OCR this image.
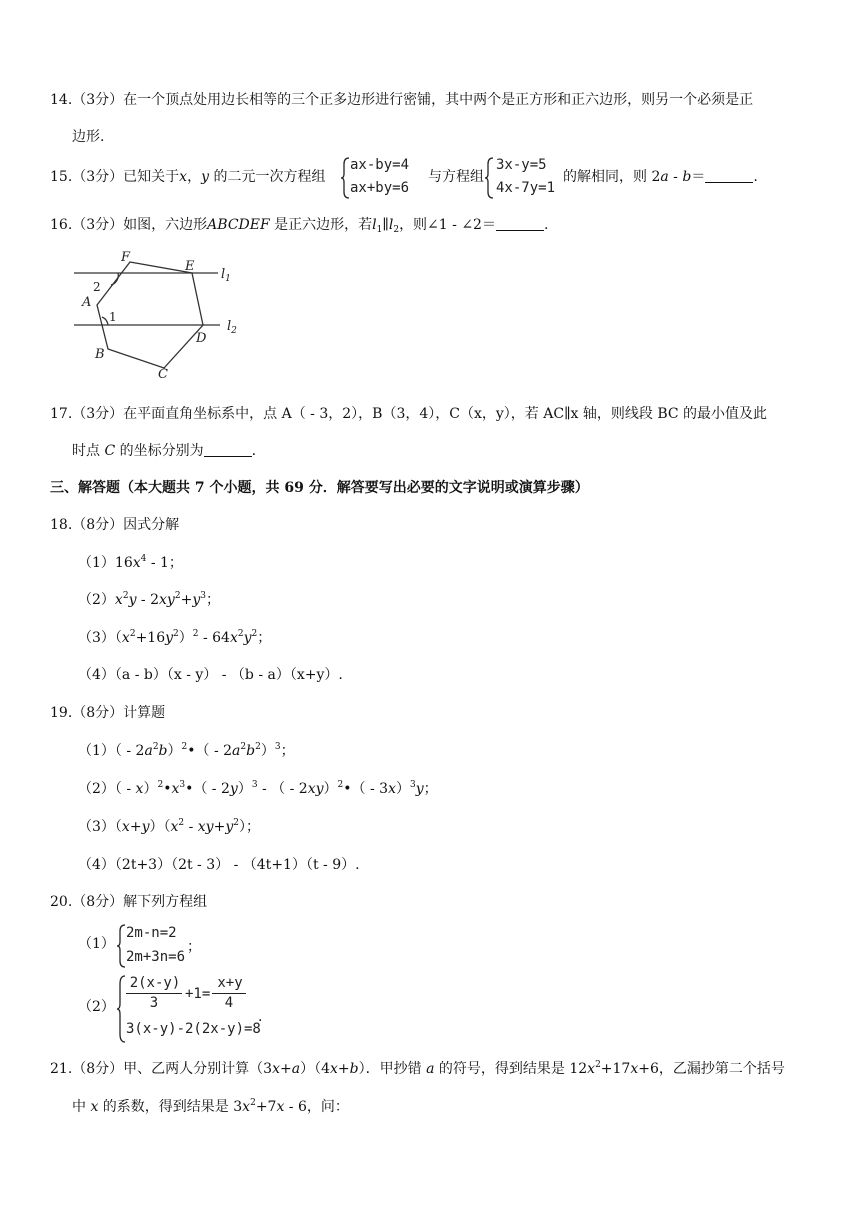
14.（3分）在一个顶点处用边长相等的三个正多边形进行密铺，其中两个是正方形和正六边形，则另一个必须是正
边形.
15.（3分）已知关于x，y 的二元一次方程组
ax-by=4
ax+by=6
与方程组
3x-y=5
4x-7y=1
的解相同，则 2a - b＝	.
16.（3分）如图，六边形ABCDEF 是正六边形，若$l_1\parallel l_2$，则∠1 - ∠2＝	.
F
E
A
B
C
D
$l_1$
$l_2$
2
1
17.（3分）在平面直角坐标系中，点 A（ - 3，2），B（3，4），C（x，y），若 AC∥x 轴，则线段 BC 的最小值及此
时点 C 的坐标分别为	.
三、解答题（本大题共 7 个小题，共 69 分．解答要写出必要的文字说明或演算步骤）
18.（8分）因式分解
$(1)16x^4 - 1$；
$(2)x^2y - 2xy^2+y^3$；
$(3)(x^2+16y^2)^2 - 64x^2y^2$；
（4）（a - b）（x - y） - （b - a）（x+y）.
19.（8分）计算题
$(1)( - 2a^2b)^2•( - 2a^2b^2)^3$；
$(2)( - x)^2•x^3•( - 2y)^3$ - （ - 2xy）$^2$•（ - 3x）$^3$y；
$(3)(x+y)(x^2 - xy+y^2)$；
（4）（2t+3）（2t - 3） - （4t+1）（t - 9）.
20.（8分）解下列方程组
（1）
2m-n=2
2m+3n=6
；
（2）
2(x-y)
3
+1=
x+y
4
3(x-y)-2(2x-y)=8
.
21.（8分）甲、乙两人分别计算（3x+a）（4x+b）．甲抄错 a 的符号，得到结果是 $12x^2+17x+6$，乙漏抄第二个括号
中 x 的系数，得到结果是 $3x^2+7x - 6$，问：
